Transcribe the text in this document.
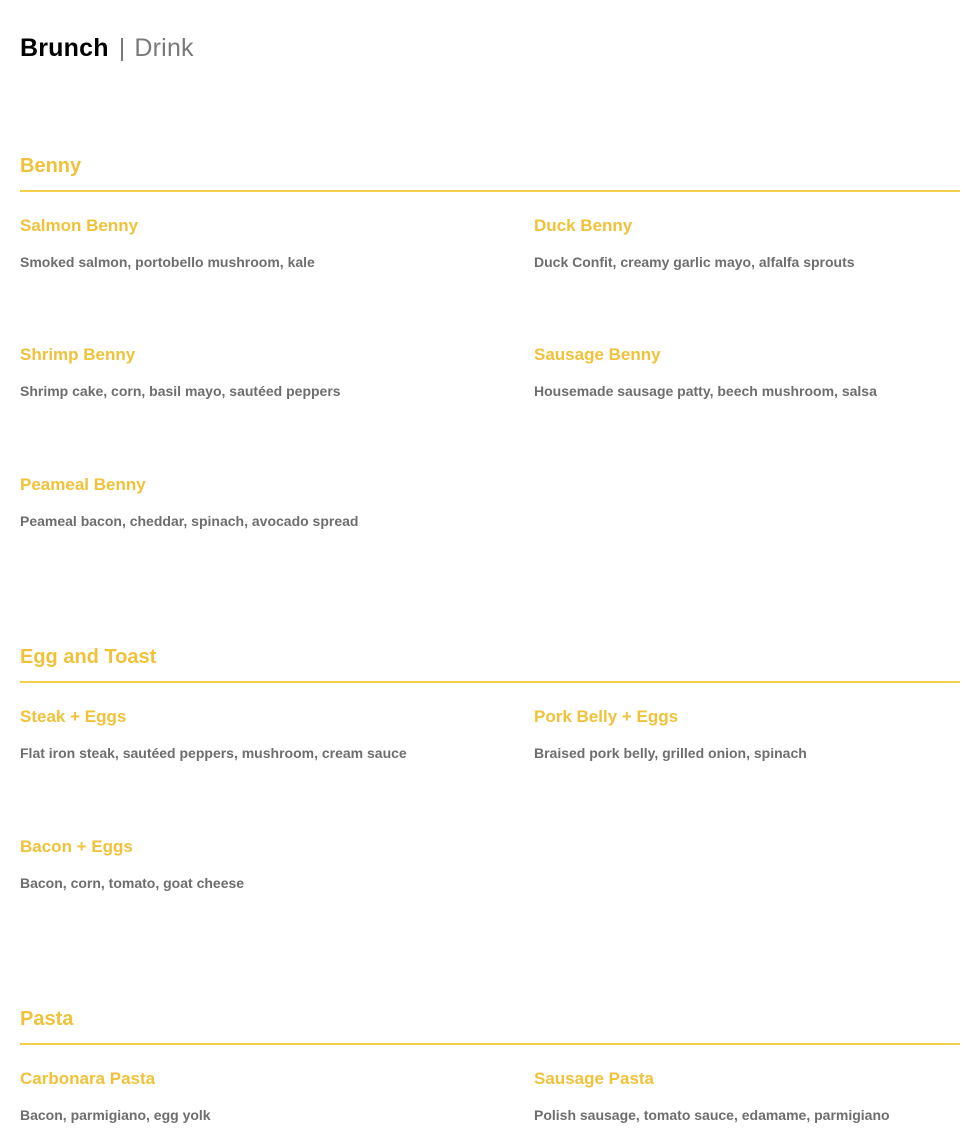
Brunch | Drink
Benny
Salmon Benny
Smoked salmon, portobello mushroom, kale
Duck Benny
Duck Confit, creamy garlic mayo, alfalfa sprouts
Shrimp Benny
Shrimp cake, corn, basil mayo, sautéed peppers
Sausage Benny
Housemade sausage patty, beech mushroom, salsa
Peameal Benny
Peameal bacon, cheddar, spinach, avocado spread
Egg and Toast
Steak + Eggs
Flat iron steak, sautéed peppers, mushroom, cream sauce
Pork Belly + Eggs
Braised pork belly, grilled onion, spinach
Bacon + Eggs
Bacon, corn, tomato, goat cheese
Pasta
Carbonara Pasta
Bacon, parmigiano, egg yolk
Sausage Pasta
Polish sausage, tomato sauce, edamame, parmigiano
